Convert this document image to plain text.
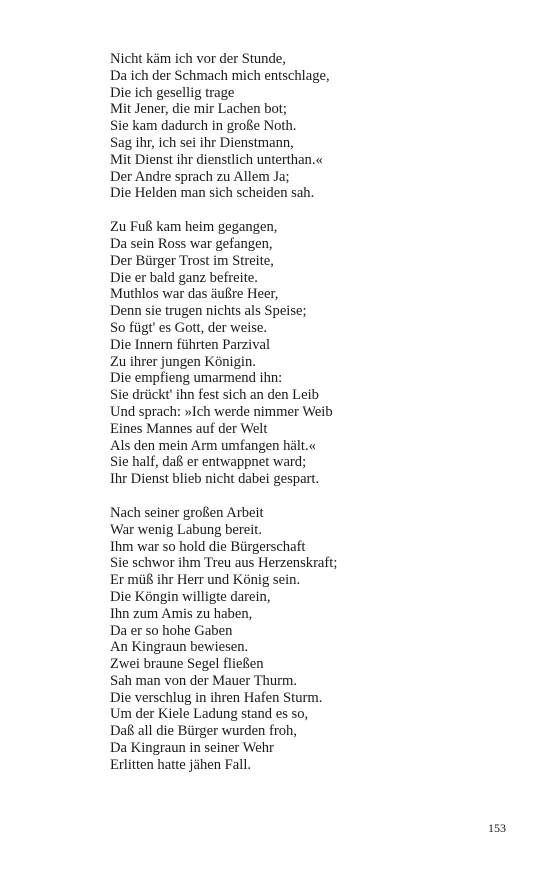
Nicht käm ich vor der Stunde,
Da ich der Schmach mich entschlage,
Die ich gesellig trage
Mit Jener, die mir Lachen bot;
Sie kam dadurch in große Noth.
Sag ihr, ich sei ihr Dienstmann,
Mit Dienst ihr dienstlich unterthan.«
Der Andre sprach zu Allem Ja;
Die Helden man sich scheiden sah.
Zu Fuß kam heim gegangen,
Da sein Ross war gefangen,
Der Bürger Trost im Streite,
Die er bald ganz befreite.
Muthlos war das äußre Heer,
Denn sie trugen nichts als Speise;
So fügt' es Gott, der weise.
Die Innern führten Parzival
Zu ihrer jungen Königin.
Die empfieng umarmend ihn:
Sie drückt' ihn fest sich an den Leib
Und sprach: »Ich werde nimmer Weib
Eines Mannes auf der Welt
Als den mein Arm umfangen hält.«
Sie half, daß er entwappnet ward;
Ihr Dienst blieb nicht dabei gespart.
Nach seiner großen Arbeit
War wenig Labung bereit.
Ihm war so hold die Bürgerschaft
Sie schwor ihm Treu aus Herzenskraft;
Er müß ihr Herr und König sein.
Die Köngin willigte darein,
Ihn zum Amis zu haben,
Da er so hohe Gaben
An Kingraun bewiesen.
Zwei braune Segel fließen
Sah man von der Mauer Thurm.
Die verschlug in ihren Hafen Sturm.
Um der Kiele Ladung stand es so,
Daß all die Bürger wurden froh,
Da Kingraun in seiner Wehr
Erlitten hatte jähen Fall.
153
